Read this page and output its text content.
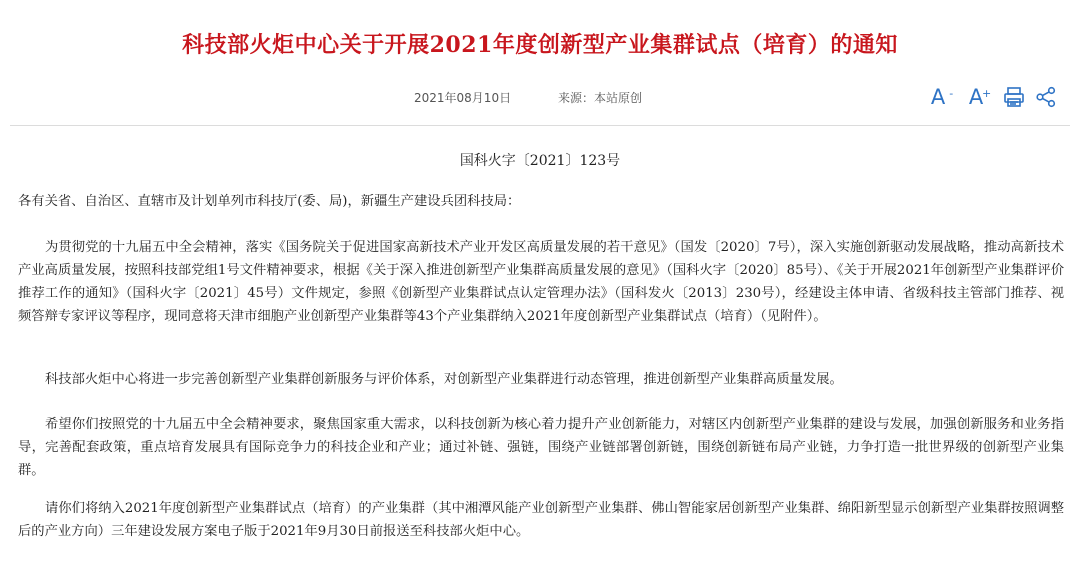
科技部火炬中心关于开展2021年度创新型产业集群试点（培育）的通知
2021年08月10日	来源：本站原创	A - A
+
国科火字〔2021〕123号

各有关省、自治区、直辖市及计划单列市科技厅(委、局)，新疆生产建设兵团科技局：

为贯彻党的十九届五中全会精神，落实《国务院关于促进国家高新技术产业开发区高质量发展的若干意见》（国发〔2020〕7号），深入实施创新驱动发展战略，推动高新技术产业高质量发展，按照科技部党组1号文件精神要求，根据《关于深入推进创新型产业集群高质量发展的意见》（国科火字〔2020〕85号）、《关于开展2021年创新型产业集群评价推荐工作的通知》（国科火字〔2021〕45号）文件规定，参照《创新型产业集群试点认定管理办法》（国科发火〔2013〕230号），经建设主体申请、省级科技主管部门推荐、视频答辩专家评议等程序，现同意将天津市细胞产业创新型产业集群等43个产业集群纳入2021年度创新型产业集群试点（培育）（见附件）。

科技部火炬中心将进一步完善创新型产业集群创新服务与评价体系，对创新型产业集群进行动态管理，推进创新型产业集群高质量发展。

希望你们按照党的十九届五中全会精神要求，聚焦国家重大需求，以科技创新为核心着力提升产业创新能力，对辖区内创新型产业集群的建设与发展，加强创新服务和业务指导，完善配套政策，重点培育发展具有国际竞争力的科技企业和产业；通过补链、强链，围绕产业链部署创新链，围绕创新链布局产业链，力争打造一批世界级的创新型产业集群。

请你们将纳入2021年度创新型产业集群试点（培育）的产业集群（其中湘潭风能产业创新型产业集群、佛山智能家居创新型产业集群、绵阳新型显示创新型产业集群按照调整后的产业方向）三年建设发展方案电子版于2021年9月30日前报送至科技部火炬中心。
